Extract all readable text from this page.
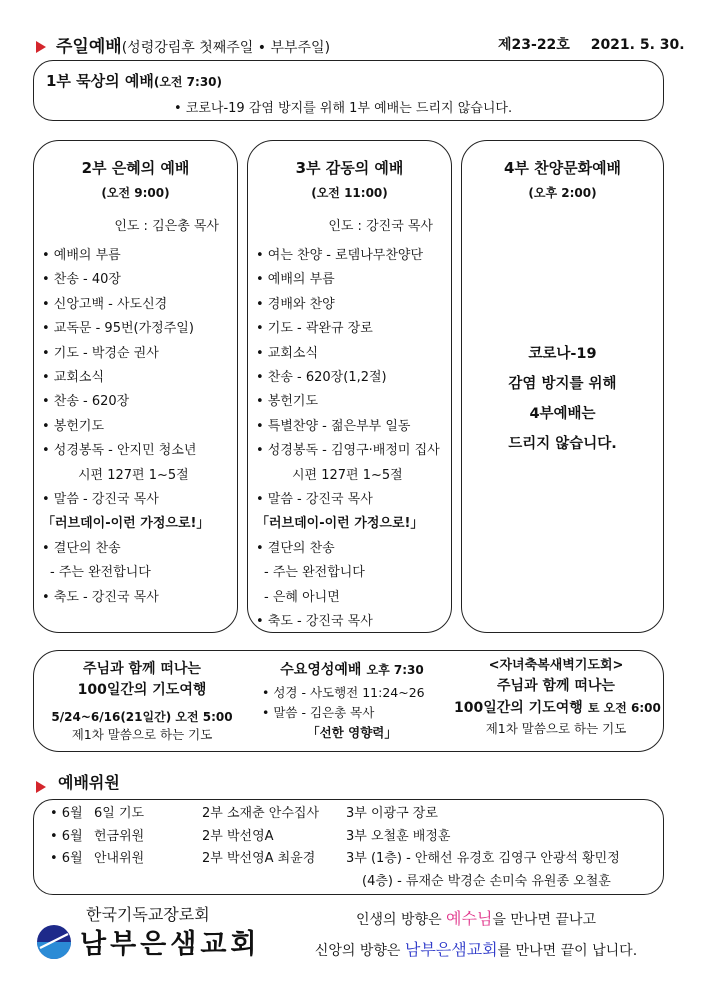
주일예배(성령강림후 첫째주일 • 부부주일)	제23-22호 2021. 5. 30.
1부 묵상의 예배(오전 7:30)
• 코로나-19 감염 방지를 위해 1부 예배는 드리지 않습니다.
2부 은혜의 예배
(오전 9:00)
인도 : 김은총 목사
• 예배의 부름
• 찬송 - 40장
• 신앙고백 - 사도신경
• 교독문 - 95번(가정주일)
• 기도 - 박경순 권사
• 교회소식
• 찬송 - 620장
• 봉헌기도
• 성경봉독 - 안지민 청소년
시편 127편 1~5절
• 말씀 - 강진국 목사
「러브데이-이런 가정으로!」
• 결단의 찬송
- 주는 완전합니다
• 축도 - 강진국 목사
3부 감동의 예배
(오전 11:00)
인도 : 강진국 목사
• 여는 찬양 - 로뎀나무찬양단
• 예배의 부름
• 경배와 찬양
• 기도 - 곽완규 장로
• 교회소식
• 찬송 - 620장(1,2절)
• 봉헌기도
• 특별찬양 - 젊은부부 일동
• 성경봉독 - 김영구·배정미 집사
시편 127편 1~5절
• 말씀 - 강진국 목사
「러브데이-이런 가정으로!」
• 결단의 찬송
- 주는 완전합니다
- 은혜 아니면
• 축도 - 강진국 목사
4부 찬양문화예배
(오후 2:00)
코로나-19
감염 방지를 위해
4부예배는
드리지 않습니다.
주님과 함께 떠나는
100일간의 기도여행
5/24~6/16(21일간) 오전 5:00
제1차 말씀으로 하는 기도
수요영성예배 오후 7:30
• 성경 - 사도행전 11:24~26
• 말씀 - 김은총 목사
「선한 영향력」
<자녀축복새벽기도회>
주님과 함께 떠나는
100일간의 기도여행 토 오전 6:00
제1차 말씀으로 하는 기도
예배위원
• 6월 6일 기도	2부 소재춘 안수집사 3부 이광구 장로
• 6월 헌금위원	2부 박선영A	3부 오철훈 배정훈
• 6월 안내위원	2부 박선영A 최윤경 3부 (1층) - 안해선 유경호 김영구 안광석 황민정
(4층) - 류재순 박경순 손미숙 유원종 오철훈
한국기독교장로회
남부은샘교회
인생의 방향은 예수님을 만나면 끝나고
신앙의 방향은 남부은샘교회를 만나면 끝이 납니다.
